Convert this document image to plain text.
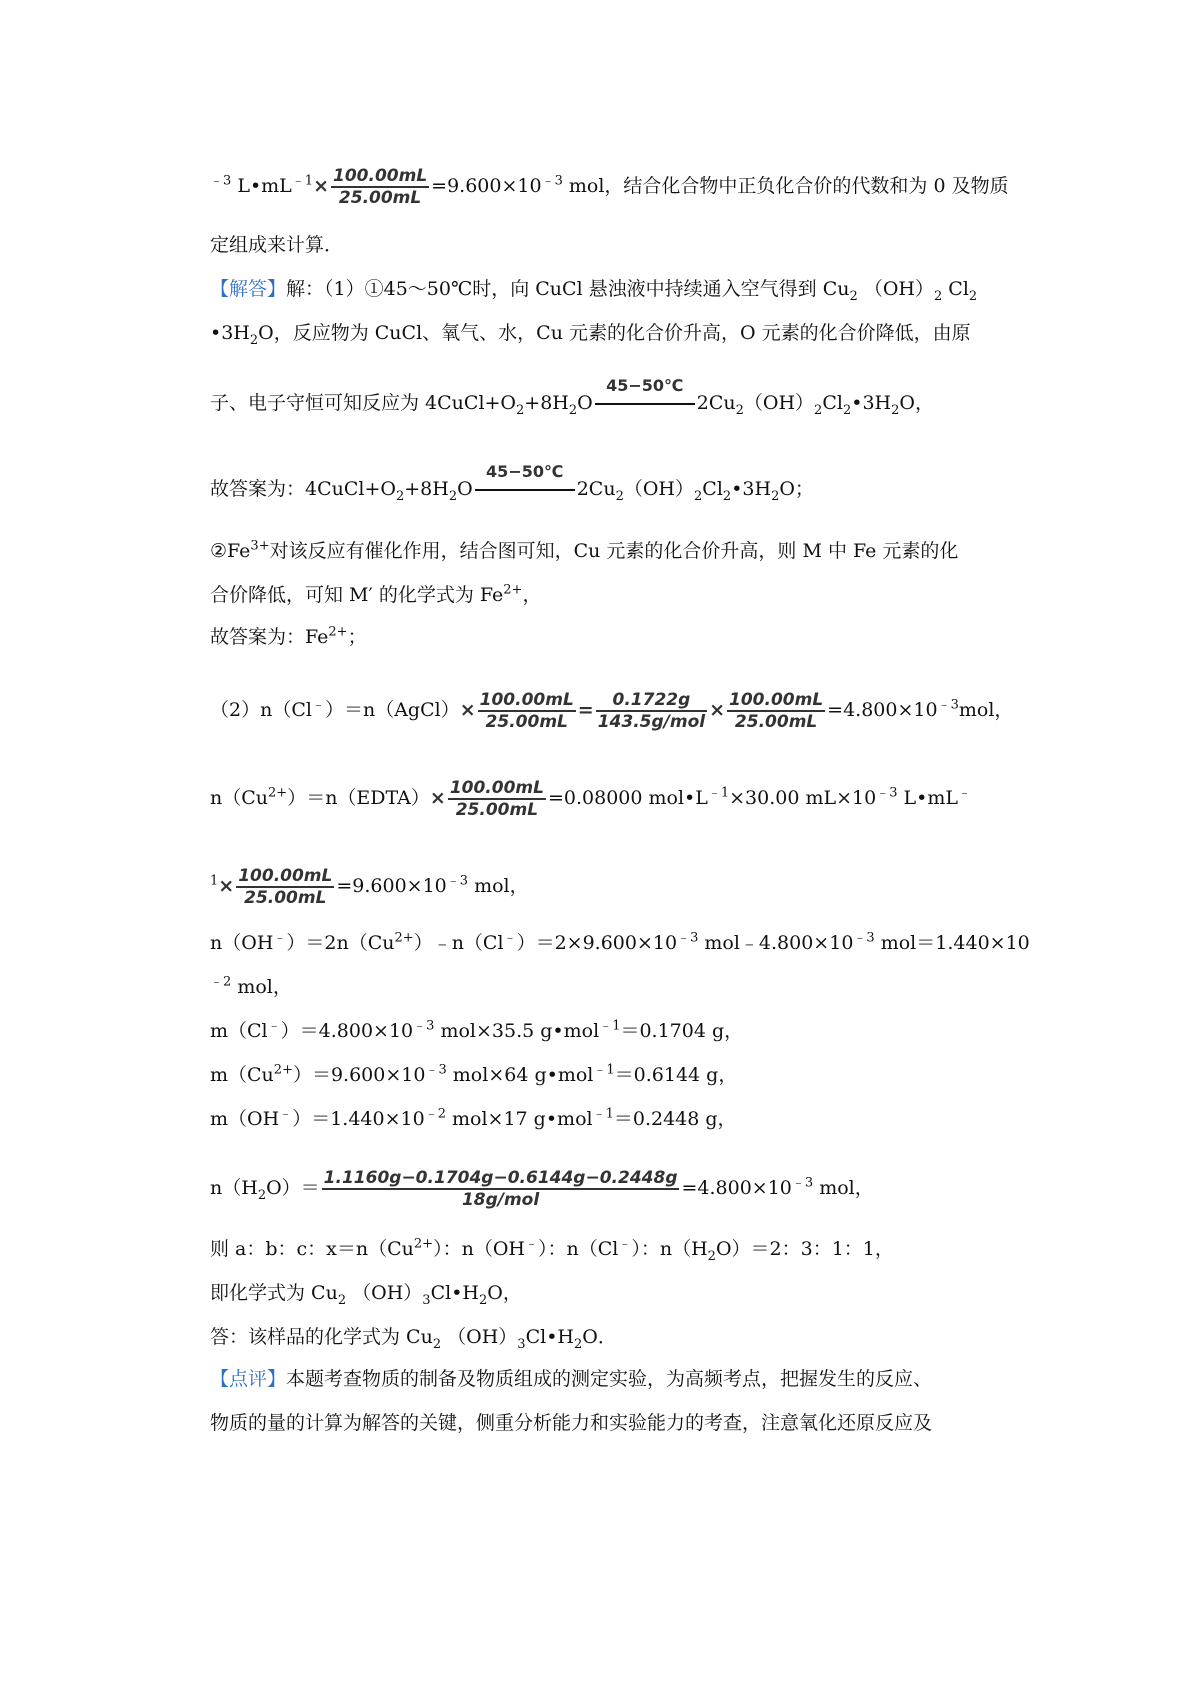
$^{﹣3}$ $L•mL^{﹣1}\times \frac{100.00mL}{25.00mL} =9.600\times 10^{﹣3}$ mol，结合化合物中正负化合价的代数和为 0 及物质
定组成来计算．
【解答】解：（1）①45～50℃时，向 CuCl 悬浊液中持续通入空气得到 $Cu_2$ $(OH)_2$ $Cl_2$
$•3H_2O$，反应物为 CuCl、氧气、水，Cu 元素的化合价升高，O 元素的化合价降低，由原
子、电子守恒可知反应为 $4CuCl+O_2+8H_2O$
45−50℃
$2Cu_2(OH)_2Cl_2•3H_2O$，
故答案为：$4CuCl+O_2+8H_2O$
45−50℃
$2Cu_2(OH)_2Cl_2•3H_2O$；
$②Fe^{3+}$对该反应有催化作用，结合图可知，Cu 元素的化合价升高，则 M 中 Fe 元素的化
合价降低，可知 M′ 的化学式为 $Fe^{2+}$，
故答案为：$Fe^{2+}$；
（2）n（Cl﹣）＝n（AgCl）× $\frac{100.00mL}{25.00mL} = \frac{0.1722g}{\text{143.5g/mol}} \times \frac{100.00mL}{25.00mL} =4.800\times 10^{﹣3}mol$，
$n(Cu^{2+})=n(EDTA)\times \frac{100.00mL}{25.00mL} =0.08000$ $mol•L^{﹣1}\times 30.00$ $mL\times 10^{﹣3}$ L•mL﹣
$^1\times \frac{100.00mL}{25.00mL} =9.600\times 10^{﹣3}$ mol，
$n(OH^﹣)=2n(Cu^{2+})﹣n(Cl^﹣)=2\times 9.600\times 10^{﹣3}$ $mol﹣4.800\times 10^{﹣3}$ mol＝1.440×10
$^{﹣2}$ mol，
$m(Cl^﹣)=4.800\times 10^{﹣3}$ mol×35.5 g•mol$^{﹣1}$＝0.1704 g，
$m(Cu^{2+})=9.600\times 10^{﹣3}$ mol×64 g•mol$^{﹣1}$＝0.6144 g，
$m(OH^﹣)=1.440\times 10^{﹣2}$ mol×17 g•mol$^{﹣1}$＝0.2448 g，
$n(H_2O)= \frac{1.1160g-0.1704g-0.6144g-0.2448g}{\text{18g/mol}} =4.800\times 10^{﹣3}$ mol，
则 a：b：c：$x=n(Cu^{2+})$：n（OH﹣）：n（Cl﹣）：$n(H_2O)=2$：3：1：1，
即化学式为 $Cu_2$ $(OH)_3Cl•H_2O$，
答：该样品的化学式为 $Cu_2$ $(OH)_3Cl•H_2O$．
【点评】本题考查物质的制备及物质组成的测定实验，为高频考点，把握发生的反应、
物质的量的计算为解答的关键，侧重分析能力和实验能力的考查，注意氧化还原反应及
